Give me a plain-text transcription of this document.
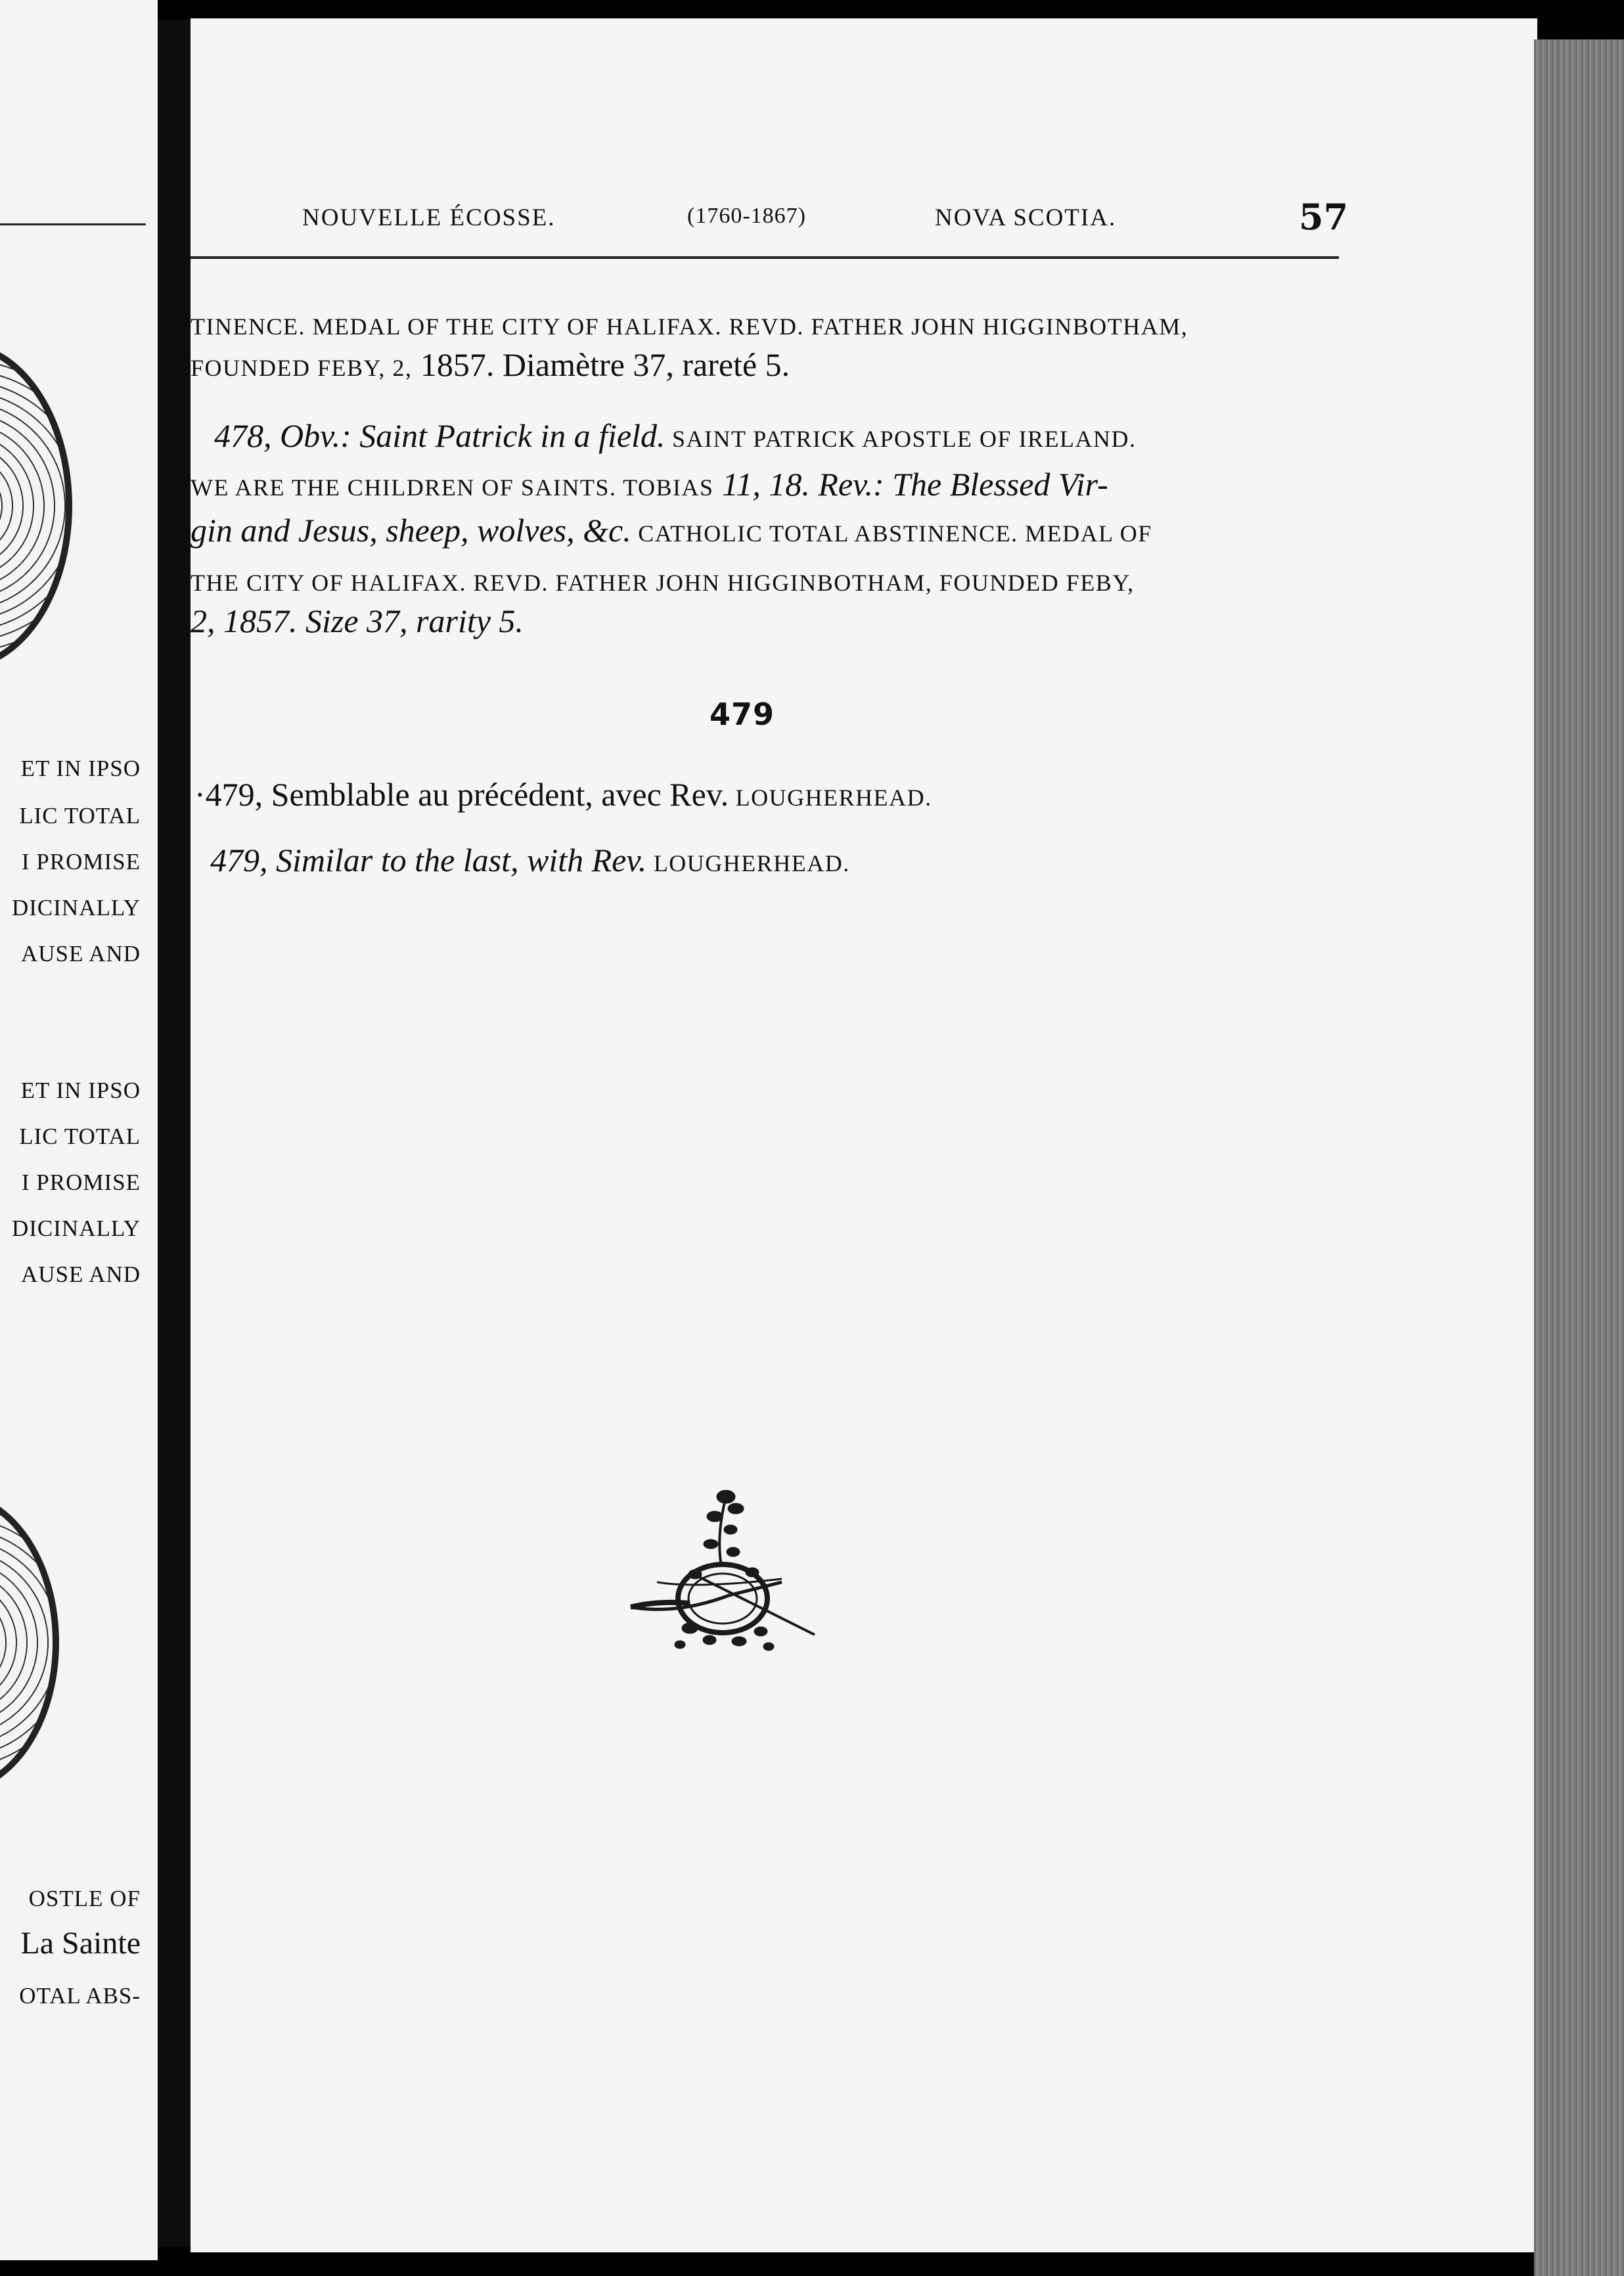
ET IN IPSO
LIC TOTAL
I PROMISE
DICINALLY
AUSE AND
ET IN IPSO
LIC TOTAL
I PROMISE
DICINALLY
AUSE AND
OSTLE OF
La Sainte
OTAL ABS-
NOUVELLE ÉCOSSE.	(1760-1867)	NOVA SCOTIA.	57
TINENCE. MEDAL OF THE CITY OF HALIFAX. REVD. FATHER JOHN HIGGINBOTHAM,
FOUNDED FEBY, 2, 1857. Diamètre 37, rareté 5.
478, Obv.: Saint Patrick in a field. SAINT PATRICK APOSTLE OF IRELAND.
WE ARE THE CHILDREN OF SAINTS. TOBIAS 11, 18. Rev.: The Blessed Vir-
gin and Jesus, sheep, wolves, &c. CATHOLIC TOTAL ABSTINENCE. MEDAL OF
THE CITY OF HALIFAX. REVD. FATHER JOHN HIGGINBOTHAM, FOUNDED FEBY,
2, 1857. Size 37, rarity 5.
479
·479, Semblable au précédent, avec Rev. LOUGHERHEAD.
479, Similar to the last, with Rev. LOUGHERHEAD.
